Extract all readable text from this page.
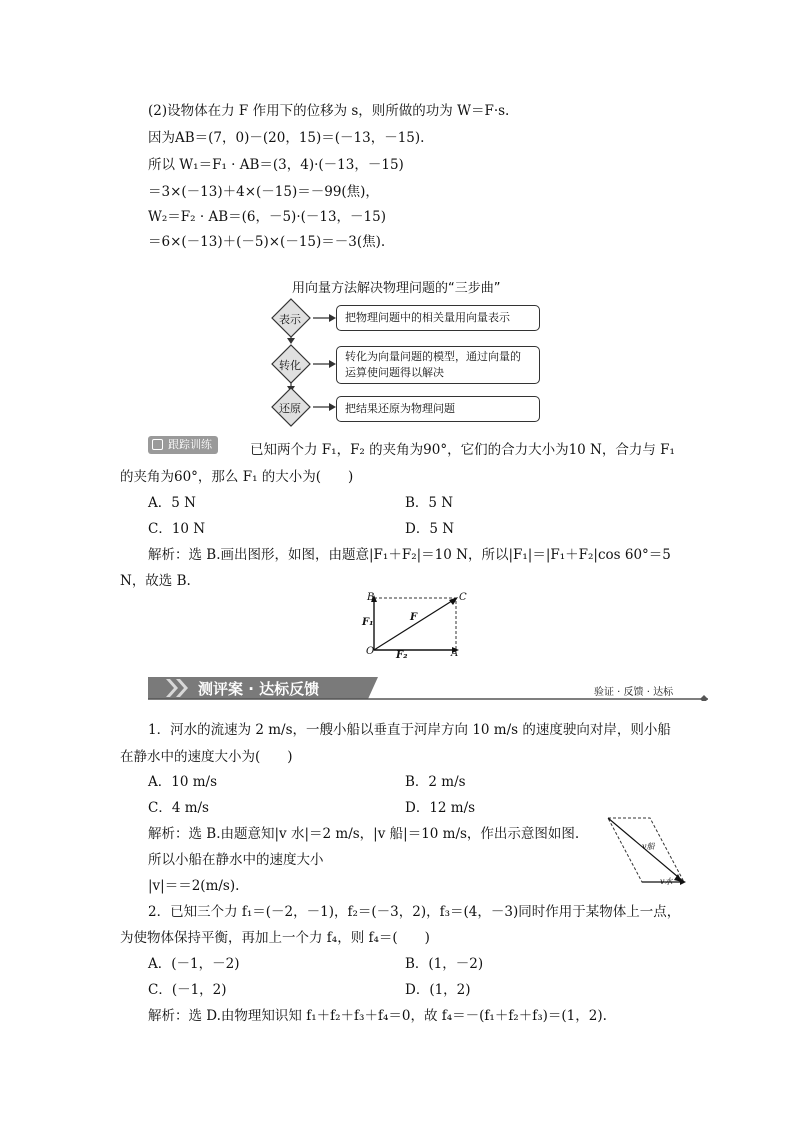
(2)设物体在力 F 作用下的位移为 s，则所做的功为 W＝F·s.
因为AB＝(7，0)－(20，15)＝(－13，－15).
所以 W₁＝F₁ · AB＝(3，4)·(－13，－15)
＝3×(－13)＋4×(－15)＝－99(焦)，
W₂＝F₂ · AB＝(6，－5)·(－13，－15)
＝6×(－13)＋(－5)×(－15)＝－3(焦).
用向量方法解决物理问题的“三步曲”
表示
转化
还原
把物理问题中的相关量用向量表示
转化为向量问题的模型，通过向量的运算使问题得以解决
把结果还原为物理问题
跟踪训练	已知两个力 F₁，F₂ 的夹角为90°，它们的合力大小为10 N，合力与 F₁
的夹角为60°，那么 F₁ 的大小为(　　)
A．5 N	B．5 N
C．10 N	D．5 N
解析：选 B.画出图形，如图，由题意|F₁＋F₂|＝10 N，所以|F₁|＝|F₁＋F₂|cos 60°＝5
N，故选 B.
B	C
O	A
F
F₁
F₂
测评案 · 达标反馈	验证 · 反馈 · 达标
1．河水的流速为 2 m/s，一艘小船以垂直于河岸方向 10 m/s 的速度驶向对岸，则小船
在静水中的速度大小为(　　)
A．10 m/s	B．2 m/s
C．4 m/s	D．12 m/s
解析：选 B.由题意知|v 水|＝2 m/s，|v 船|＝10 m/s，作出示意图如图.
所以小船在静水中的速度大小
|v|＝＝2(m/s).
v船
v水
2．已知三个力 f₁＝(－2，－1)，f₂＝(－3，2)，f₃＝(4，－3)同时作用于某物体上一点，
为使物体保持平衡，再加上一个力 f₄，则 f₄＝(　　)
A．(－1，－2)	B．(1，－2)
C．(－1，2)	D．(1，2)
解析：选 D.由物理知识知 f₁＋f₂＋f₃＋f₄＝0，故 f₄＝－(f₁＋f₂＋f₃)＝(1，2).
